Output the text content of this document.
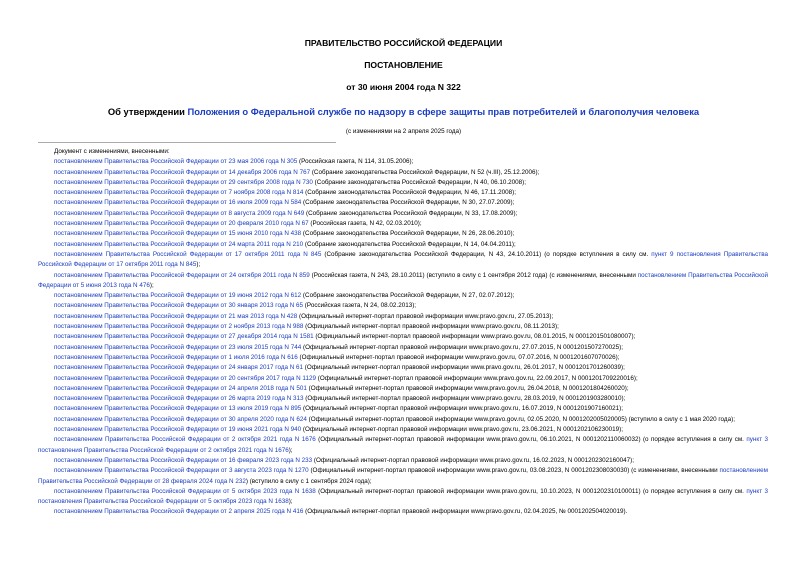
ПРАВИТЕЛЬСТВО РОССИЙСКОЙ ФЕДЕРАЦИИ
ПОСТАНОВЛЕНИЕ
от 30 июня 2004 года N 322
Об утверждении Положения о Федеральной службе по надзору в сфере защиты прав потребителей и благополучия человека
(с изменениями на 2 апреля 2025 года)

Документ с изменениями, внесенными:

постановлением Правительства Российской Федерации от 23 мая 2006 года N 305 (Российская газета, N 114, 31.05.2006);

постановлением Правительства Российской Федерации от 14 декабря 2006 года N 767 (Собрание законодательства Российской Федерации, N 52 (ч.III), 25.12.2006);

постановлением Правительства Российской Федерации от 29 сентября 2008 года N 730 (Собрание законодательства Российской Федерации, N 40, 06.10.2008);

постановлением Правительства Российской Федерации от 7 ноября 2008 года N 814 (Собрание законодательства Российской Федерации, N 46, 17.11.2008);

постановлением Правительства Российской Федерации от 16 июля 2009 года N 584 (Собрание законодательства Российской Федерации, N 30, 27.07.2009);

постановлением Правительства Российской Федерации от 8 августа 2009 года N 649 (Собрание законодательства Российской Федерации, N 33, 17.08.2009);

постановлением Правительства Российской Федерации от 20 февраля 2010 года N 67 (Российская газета, N 42, 02.03.2010);

постановлением Правительства Российской Федерации от 15 июня 2010 года N 438 (Собрание законодательства Российской Федерации, N 26, 28.06.2010);

постановлением Правительства Российской Федерации от 24 марта 2011 года N 210 (Собрание законодательства Российской Федерации, N 14, 04.04.2011);

постановлением Правительства Российской Федерации от 17 октября 2011 года N 845 (Собрание законодательства Российской Федерации, N 43, 24.10.2011) (о порядке вступления в силу см. пункт 9 постановления Правительства Российской Федерации от 17 октября 2011 года N 845);

постановлением Правительства Российской Федерации от 24 октября 2011 года N 859 (Российская газета, N 243, 28.10.2011) (вступило в силу с 1 сентября 2012 года) (с изменениями, внесенными постановлением Правительства Российской Федерации от 5 июня 2013 года N 476);

постановлением Правительства Российской Федерации от 19 июня 2012 года N 612 (Собрание законодательства Российской Федерации, N 27, 02.07.2012);

постановлением Правительства Российской Федерации от 30 января 2013 года N 65 (Российская газета, N 24, 08.02.2013);

постановлением Правительства Российской Федерации от 21 мая 2013 года N 428 (Официальный интернет-портал правовой информации www.pravo.gov.ru, 27.05.2013);

постановлением Правительства Российской Федерации от 2 ноября 2013 года N 988 (Официальный интернет-портал правовой информации www.pravo.gov.ru, 08.11.2013);

постановлением Правительства Российской Федерации от 27 декабря 2014 года N 1581 (Официальный интернет-портал правовой информации www.pravo.gov.ru, 08.01.2015, N 0001201501080007);

постановлением Правительства Российской Федерации от 23 июля 2015 года N 744 (Официальный интернет-портал правовой информации www.pravo.gov.ru, 27.07.2015, N 0001201507270025);

постановлением Правительства Российской Федерации от 1 июля 2016 года N 616 (Официальный интернет-портал правовой информации www.pravo.gov.ru, 07.07.2016, N 0001201607070026);

постановлением Правительства Российской Федерации от 24 января 2017 года N 61 (Официальный интернет-портал правовой информации www.pravo.gov.ru, 26.01.2017, N 0001201701260039);

постановлением Правительства Российской Федерации от 20 сентября 2017 года N 1129 (Официальный интернет-портал правовой информации www.pravo.gov.ru, 22.09.2017, N 0001201709220016);

постановлением Правительства Российской Федерации от 24 апреля 2018 года N 501 (Официальный интернет-портал правовой информации www.pravo.gov.ru, 26.04.2018, N 0001201804260020);

постановлением Правительства Российской Федерации от 26 марта 2019 года N 313 (Официальный интернет-портал правовой информации www.pravo.gov.ru, 28.03.2019, N 0001201903280010);

постановлением Правительства Российской Федерации от 13 июля 2019 года N 895 (Официальный интернет-портал правовой информации www.pravo.gov.ru, 16.07.2019, N 0001201907160021);

постановлением Правительства Российской Федерации от 30 апреля 2020 года N 624 (Официальный интернет-портал правовой информации www.pravo.gov.ru, 02.05.2020, N 0001202005020005) (вступило в силу с 1 мая 2020 года);

постановлением Правительства Российской Федерации от 19 июня 2021 года N 940 (Официальный интернет-портал правовой информации www.pravo.gov.ru, 23.06.2021, N 0001202106230019);

постановлением Правительства Российской Федерации от 2 октября 2021 года N 1676 (Официальный интернет-портал правовой информации www.pravo.gov.ru, 06.10.2021, N 0001202110060032) (о порядке вступления в силу см. пункт 3 постановления Правительства Российской Федерации от 2 октября 2021 года N 1676);

постановлением Правительства Российской Федерации от 16 февраля 2023 года N 233 (Официальный интернет-портал правовой информации www.pravo.gov.ru, 16.02.2023, N 0001202302160047);

постановлением Правительства Российской Федерации от 3 августа 2023 года N 1270 (Официальный интернет-портал правовой информации www.pravo.gov.ru, 03.08.2023, N 0001202308030030) (с изменениями, внесенными постановлением Правительства Российской Федерации от 28 февраля 2024 года N 232) (вступило в силу с 1 сентября 2024 года);

постановлением Правительства Российской Федерации от 5 октября 2023 года N 1638 (Официальный интернет-портал правовой информации www.pravo.gov.ru, 10.10.2023, N 0001202310100011) (о порядке вступления в силу см. пункт 3 постановления Правительства Российской Федерации от 5 октября 2023 года N 1638);

постановлением Правительства Российской Федерации от 2 апреля 2025 года N 416 (Официальный интернет-портал правовой информации www.pravo.gov.ru, 02.04.2025, № 0001202504020019).
